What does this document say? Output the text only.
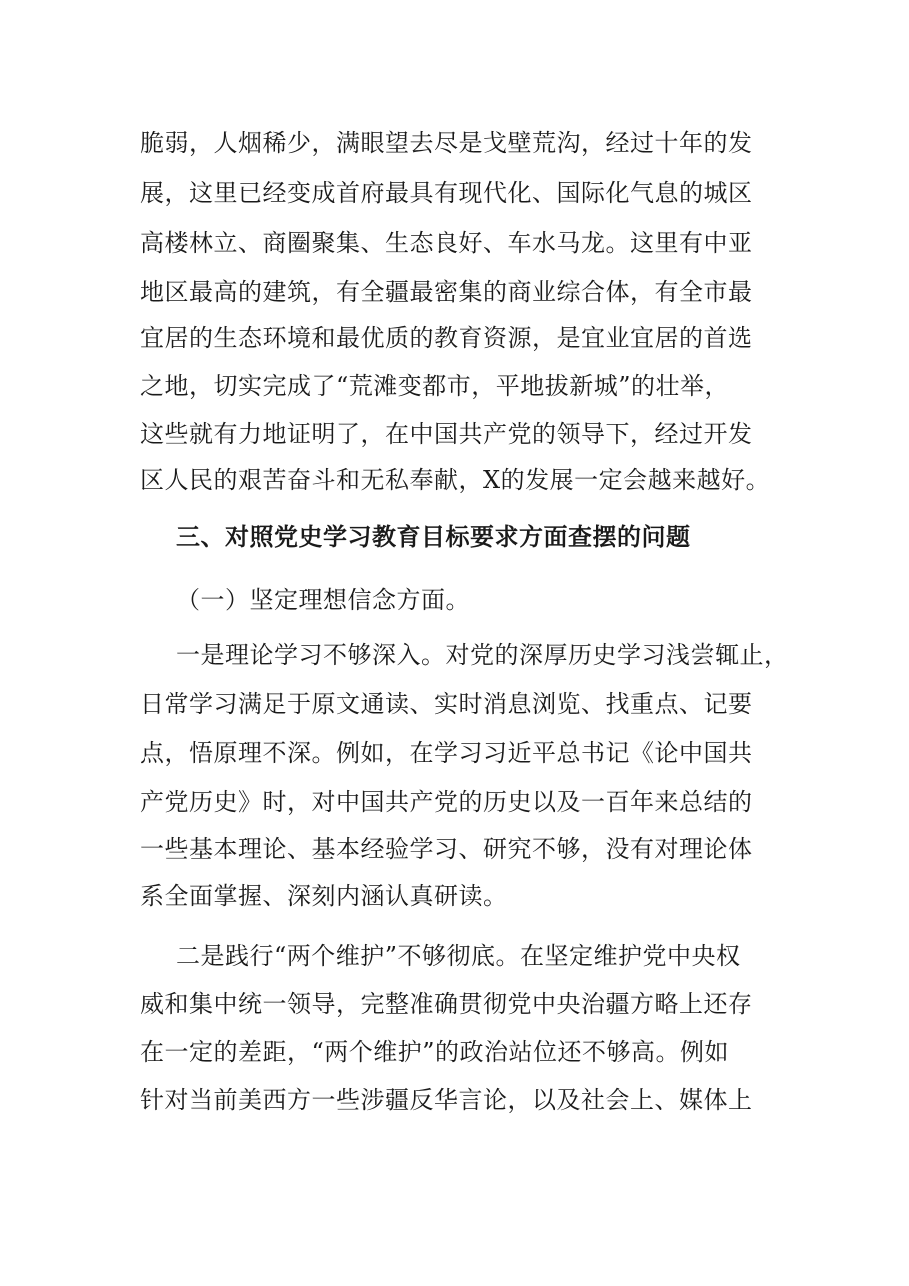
脆弱，人烟稀少，满眼望去尽是戈壁荒沟，经过十年的发
展，这里已经变成首府最具有现代化、国际化气息的城区
高楼林立、商圈聚集、生态良好、车水马龙。这里有中亚
地区最高的建筑，有全疆最密集的商业综合体，有全市最
宜居的生态环境和最优质的教育资源，是宜业宜居的首选
之地，切实完成了“荒滩变都市，平地拔新城”的壮举，
这些就有力地证明了，在中国共产党的领导下，经过开发
区人民的艰苦奋斗和无私奉献，X的发展一定会越来越好。
三、对照党史学习教育目标要求方面查摆的问题
（一）坚定理想信念方面。
一是理论学习不够深入。对党的深厚历史学习浅尝辄止，
日常学习满足于原文通读、实时消息浏览、找重点、记要
点，悟原理不深。例如，在学习习近平总书记《论中国共
产党历史》时，对中国共产党的历史以及一百年来总结的
一些基本理论、基本经验学习、研究不够，没有对理论体
系全面掌握、深刻内涵认真研读。
二是践行“两个维护”不够彻底。在坚定维护党中央权
威和集中统一领导，完整准确贯彻党中央治疆方略上还存
在一定的差距，“两个维护”的政治站位还不够高。例如
针对当前美西方一些涉疆反华言论，以及社会上、媒体上
